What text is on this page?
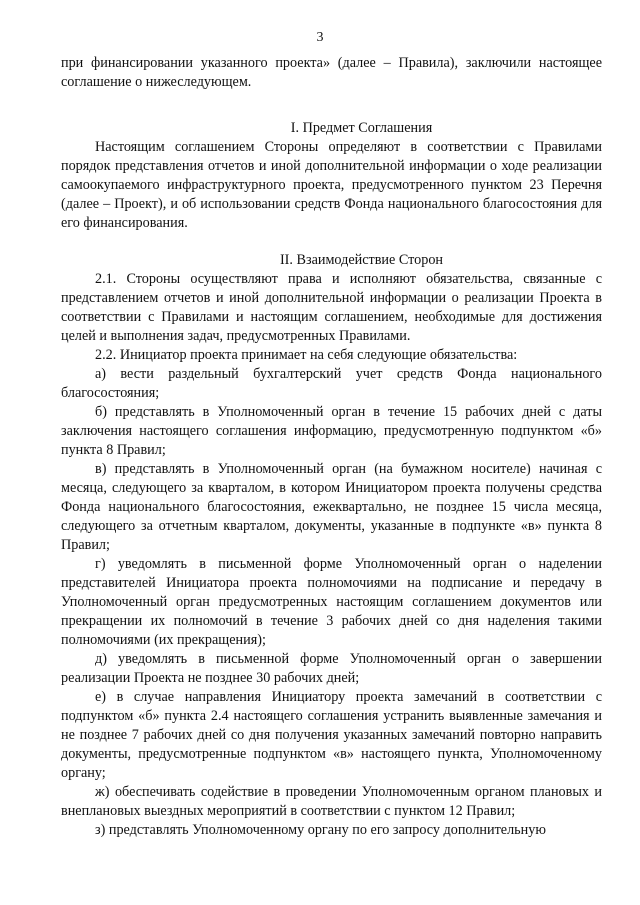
3

при финансировании указанного проекта» (далее – Правила), заключили настоящее соглашение о нижеследующем.

I. Предмет Соглашения

Настоящим соглашением Стороны определяют в соответствии с Правилами порядок представления отчетов и иной дополнительной информации о ходе реализации самоокупаемого инфраструктурного проекта, предусмотренного пунктом 23 Перечня (далее – Проект), и об использовании средств Фонда национального благосостояния для его финансирования.

II. Взаимодействие Сторон

2.1. Стороны осуществляют права и исполняют обязательства, связанные с представлением отчетов и иной дополнительной информации о реализации Проекта в соответствии с Правилами и настоящим соглашением, необходимые для достижения целей и выполнения задач, предусмотренных Правилами.

2.2. Инициатор проекта принимает на себя следующие обязательства:

а) вести раздельный бухгалтерский учет средств Фонда национального благосостояния;

б) представлять в Уполномоченный орган в течение 15 рабочих дней с даты заключения настоящего соглашения информацию, предусмотренную подпунктом «б» пункта 8 Правил;

в) представлять в Уполномоченный орган (на бумажном носителе) начиная с месяца, следующего за кварталом, в котором Инициатором проекта получены средства Фонда национального благосостояния, ежеквартально, не позднее 15 числа месяца, следующего за отчетным кварталом, документы, указанные в подпункте «в» пункта 8 Правил;

г) уведомлять в письменной форме Уполномоченный орган о наделении представителей Инициатора проекта полномочиями на подписание и передачу в Уполномоченный орган предусмотренных настоящим соглашением документов или прекращении их полномочий в течение 3 рабочих дней со дня наделения такими полномочиями (их прекращения);

д) уведомлять в письменной форме Уполномоченный орган о завершении реализации Проекта не позднее 30 рабочих дней;

е) в случае направления Инициатору проекта замечаний в соответствии с подпунктом «б» пункта 2.4 настоящего соглашения устранить выявленные замечания и не позднее 7 рабочих дней со дня получения указанных замечаний повторно направить документы, предусмотренные подпунктом «в» настоящего пункта, Уполномоченному органу;

ж) обеспечивать содействие в проведении Уполномоченным органом плановых и внеплановых выездных мероприятий в соответствии с пунктом 12 Правил;

з) представлять Уполномоченному органу по его запросу дополнительную
